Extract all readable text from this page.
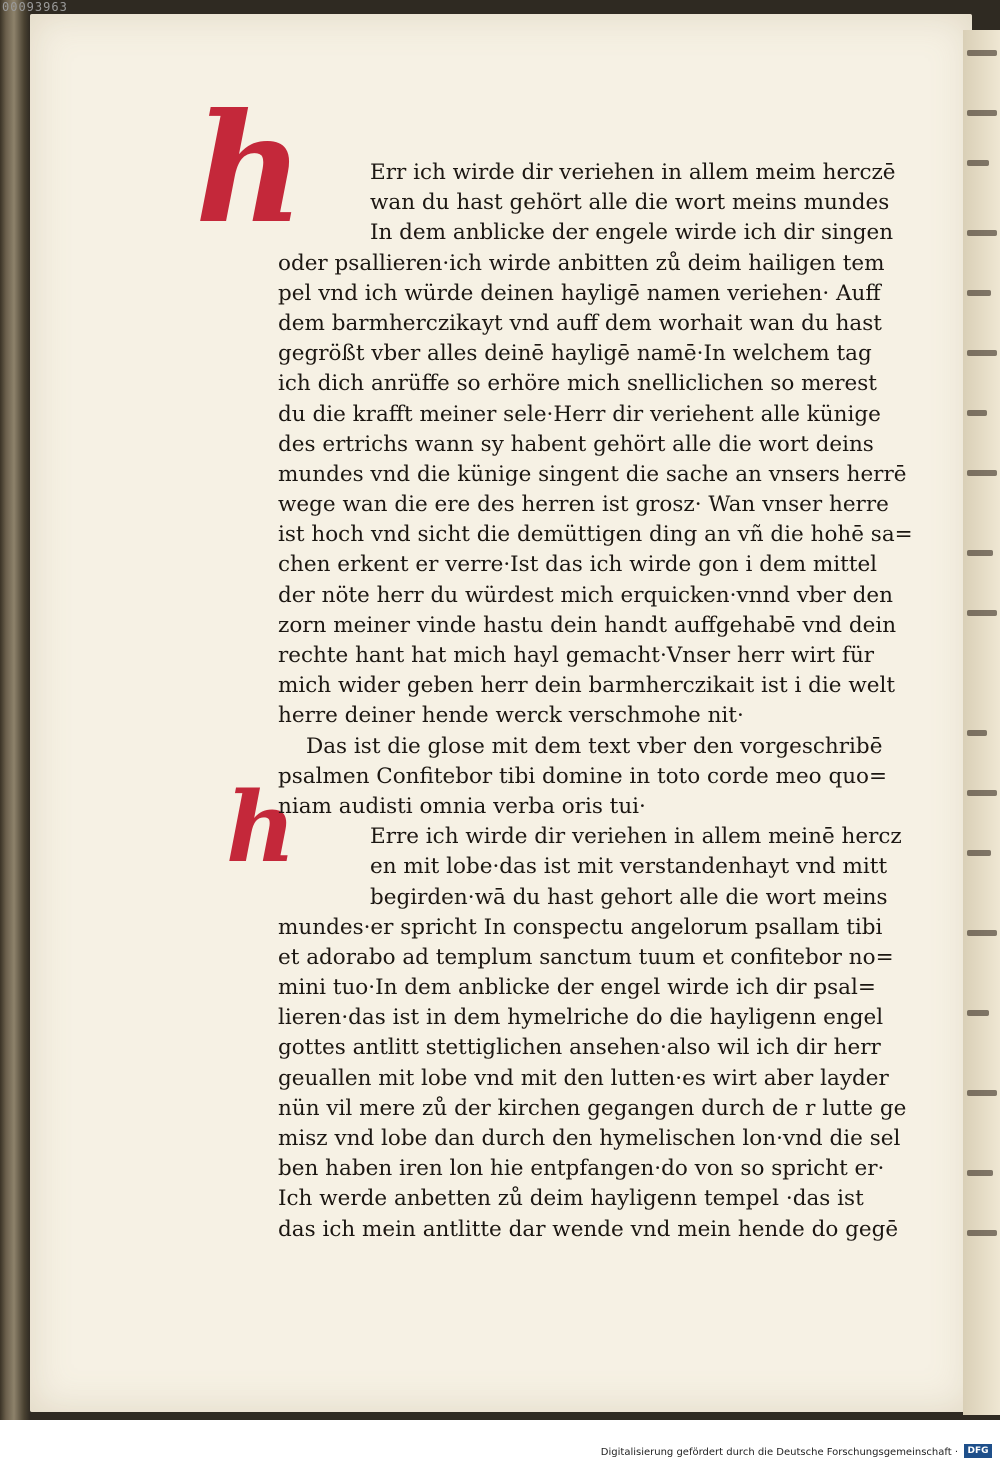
00093963
h
h
Err ich wirde dir veriehen in allem meim herczē
wan du hast gehört alle die wort meins mundes
In dem anblicke der engele wirde ich dir singen
oder psallieren·ich wirde anbitten zů deim hailigen tem
pel vnd ich würde deinen hayligē namen veriehen· Auff
dem barmherczikayt vnd auff dem worhait wan du hast
gegrößt vber alles deinē hayligē namē·In welchem tag
ich dich anrüffe so erhöre mich snelliclichen so merest
du die krafft meiner sele·Herr dir veriehent alle künige
des ertrichs wann sy habent gehört alle die wort deins
mundes vnd die künige singent die sache an vnsers herrē
wege wan die ere des herren ist grosz· Wan vnser herre
ist hoch vnd sicht die demüttigen ding an vñ die hohē sa=
chen erkent er verre·Ist das ich wirde gon i dem mittel
der nöte herr du würdest mich erquicken·vnnd vber den
zorn meiner vinde hastu dein handt auffgehabē vnd dein
rechte hant hat mich hayl gemacht·Vnser herr wirt für
mich wider geben herr dein barmherczikait ist i die welt
herre deiner hende werck verschmohe nit·
Das ist die glose mit dem text vber den vorgeschribē
psalmen Confitebor tibi domine in toto corde meo quo=
niam audisti omnia verba oris tui·
Erre ich wirde dir veriehen in allem meinē hercz
en mit lobe·das ist mit verstandenhayt vnd mitt
begirden·wā du hast gehort alle die wort meins
mundes·er spricht In conspectu angelorum psallam tibi
et adorabo ad templum sanctum tuum et confitebor no=
mini tuo·In dem anblicke der engel wirde ich dir psal=
lieren·das ist in dem hymelriche do die hayligenn engel
gottes antlitt stettiglichen ansehen·also wil ich dir herr
geuallen mit lobe vnd mit den lutten·es wirt aber layder
nün vil mere zů der kirchen gegangen durch de r lutte ge
misz vnd lobe dan durch den hymelischen lon·vnd die sel
ben haben iren lon hie entpfangen·do von so spricht er·
Ich werde anbetten zů deim hayligenn tempel ·das ist
das ich mein antlitte dar wende vnd mein hende do gegē
Digitalisierung gefördert durch die Deutsche Forschungsgemeinschaft ·	DFG
